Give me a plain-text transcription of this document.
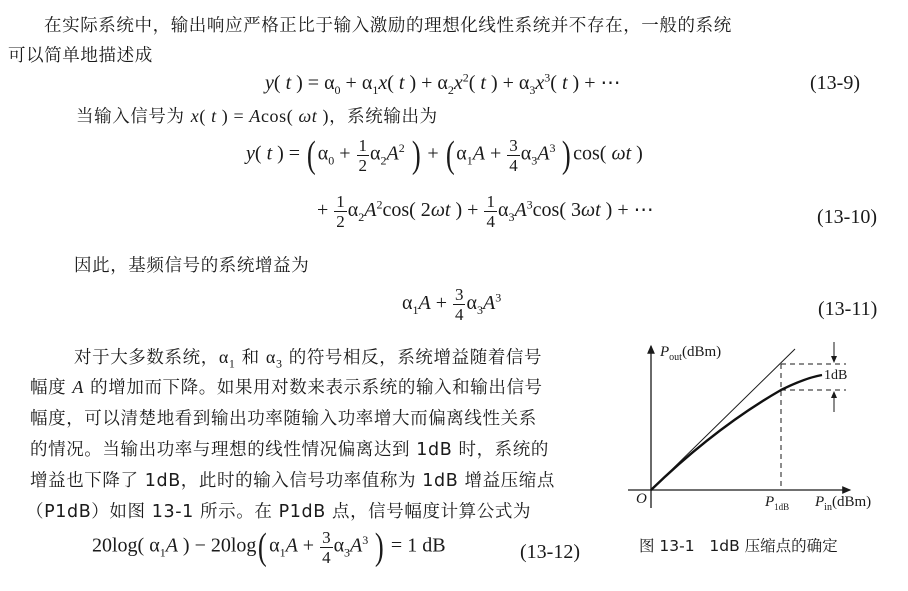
在实际系统中，输出响应严格正比于输入激励的理想化线性系统并不存在，一般的系统
可以简单地描述成
y( t ) = $\alpha_0 + \alpha_1x$( t ) + $\alpha_2x^2$( t ) + $\alpha_3x^3$( t ) + ⋯	(13-9)
当输入信号为 x( t ) = Acos( ωt )，系统输出为
y( t ) = ($\alpha_0 + \frac{1}{2} \alpha_2A^2$ ) + ($\alpha_1A + \frac{3}{4} \alpha_3A^3$ )cos( ωt )
+ $\frac{1}{2} \alpha_2A^2\cos$( 2ωt ) + $\frac{1}{4} \alpha_3A^3\cos$( 3ωt ) + ⋯	(13-10)
因此，基频信号的系统增益为
$\alpha_1A + \frac{3}{4} \alpha_3A^3$
(13-11)
对于大多数系统，$\alpha_1$ 和 $\alpha_3$ 的符号相反，系统增益随着信号
幅度 A 的增加而下降。如果用对数来表示系统的输入和输出信号
幅度，可以清楚地看到输出功率随输入功率增大而偏离线性关系
的情况。当输出功率与理想的线性情况偏离达到 1dB 时，系统的
增益也下降了 1dB，此时的输入信号功率值称为 1dB 增益压缩点
（P1dB）如图 13-1 所示。在 P1dB 点，信号幅度计算公式为
20log( $\alpha_1A$ ) − $20\log(\alpha_1A + \frac{3}{4} \alpha_3A^3$ ) = 1 dB	(13-12)
$P_{out}(dBm)$
1dB
O	$P_{1dB}$ $P_{in}(dBm)$
图 13-1 1dB 压缩点的确定
